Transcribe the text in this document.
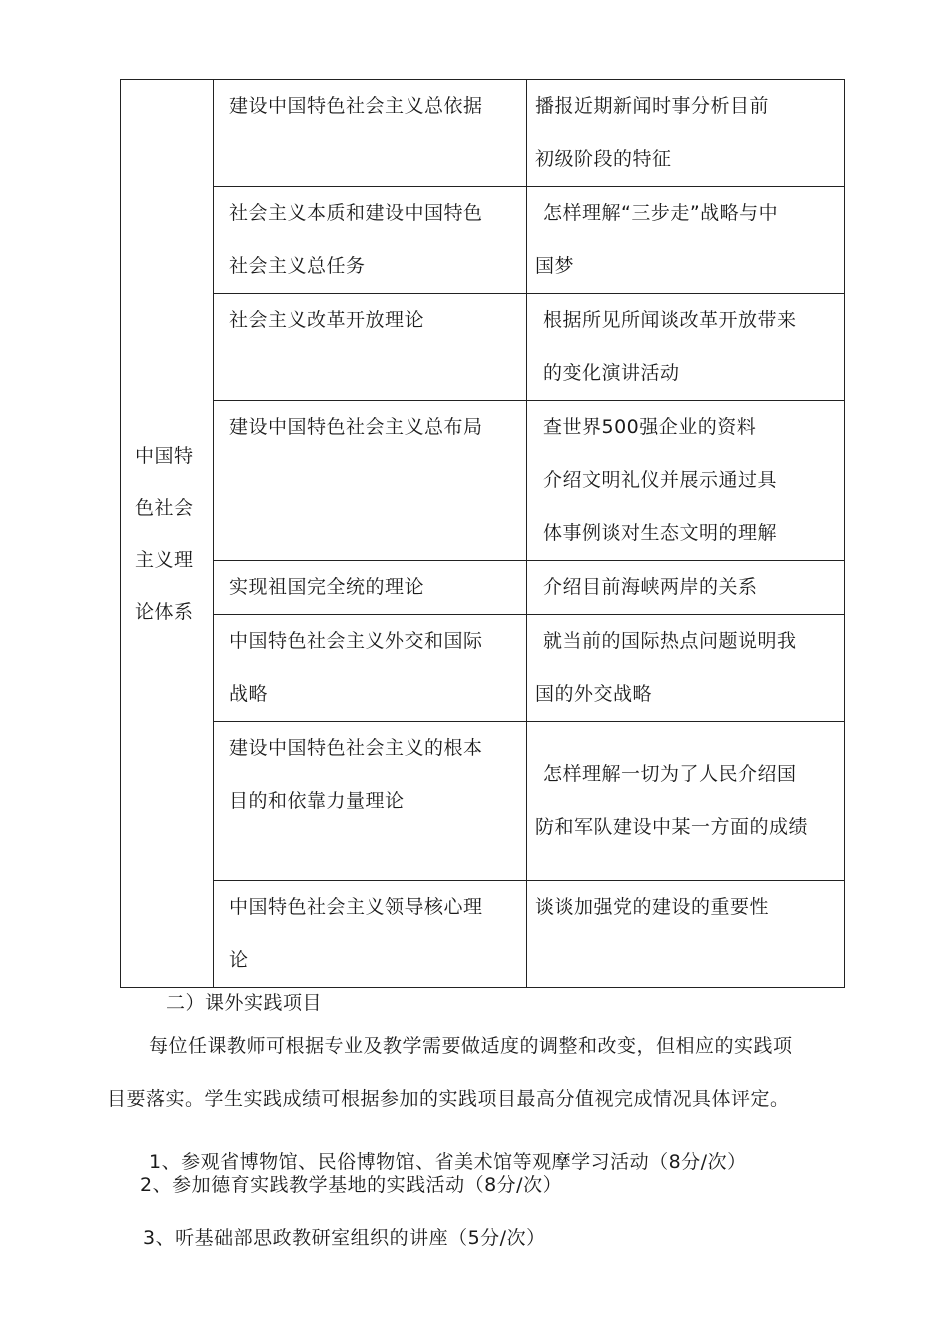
中国特色社会主义理论体系	建设中国特色社会主义总依据	播报近期新闻时事分析目前
初级阶段的特征

	社会主义本质和建设中国特色
社会主义总任务	怎样理解“三步走”战略与中
国梦

	社会主义改革开放理论	根据所见所闻谈改革开放带来
的变化演讲活动

	建设中国特色社会主义总布局	查世界500强企业的资料
介绍文明礼仪并展示通过具
体事例谈对生态文明的理解

	实现祖国完全统的理论	介绍目前海峡两岸的关系

	中国特色社会主义外交和国际
战略	就当前的国际热点问题说明我
国的外交战略

	建设中国特色社会主义的根本
目的和依靠力量理论	怎样理解一切为了人民介绍国
防和军队建设中某一方面的成绩

	中国特色社会主义领导核心理
论	谈谈加强党的建设的重要性
二）课外实践项目
每位任课教师可根据专业及教学需要做适度的调整和改变，但相应的实践项
目要落实。学生实践成绩可根据参加的实践项目最高分值视完成情况具体评定。
1、参观省博物馆、民俗博物馆、省美术馆等观摩学习活动（8分/次）
2、参加德育实践教学基地的实践活动（8分/次）
3、听基础部思政教研室组织的讲座（5分/次）
